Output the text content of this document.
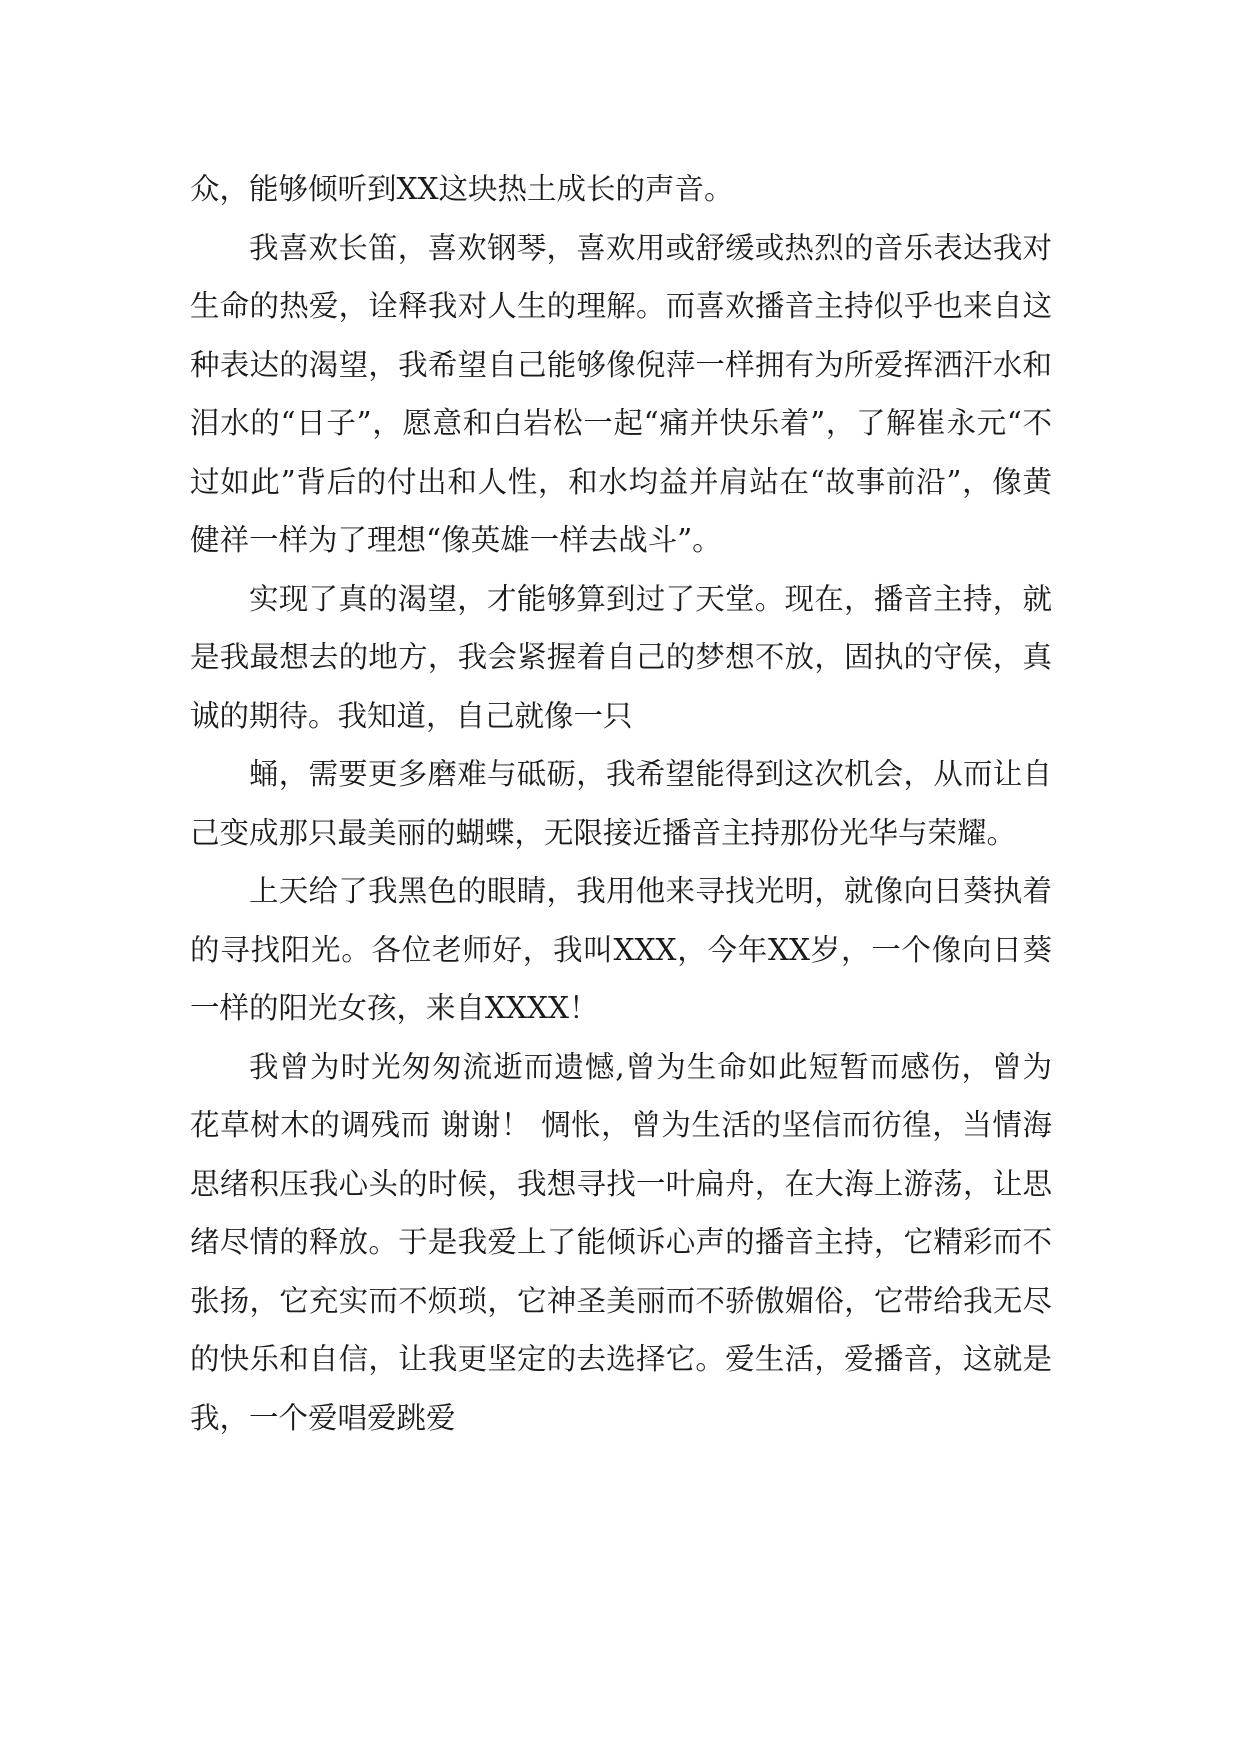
众，能够倾听到XX这块热土成长的声音。

我喜欢长笛，喜欢钢琴，喜欢用或舒缓或热烈的音乐表达我对生命的热爱，诠释我对人生的理解。而喜欢播音主持似乎也来自这种表达的渴望，我希望自己能够像倪萍一样拥有为所爱挥洒汗水和泪水的“日子”，愿意和白岩松一起“痛并快乐着”，了解崔永元“不过如此”背后的付出和人性，和水均益并肩站在“故事前沿”，像黄健祥一样为了理想“像英雄一样去战斗”。

实现了真的渴望，才能够算到过了天堂。现在，播音主持，就是我最想去的地方，我会紧握着自己的梦想不放，固执的守侯，真诚的期待。我知道，自己就像一只

蛹，需要更多磨难与砥砺，我希望能得到这次机会，从而让自己变成那只最美丽的蝴蝶，无限接近播音主持那份光华与荣耀。

上天给了我黑色的眼睛，我用他来寻找光明，就像向日葵执着的寻找阳光。各位老师好，我叫XXX，今年XX岁，一个像向日葵一样的阳光女孩，来自XXXX！

我曾为时光匆匆流逝而遗憾,曾为生命如此短暂而感伤，曾为花草树木的调残而 谢谢！ 惆怅，曾为生活的坚信而彷徨，当情海思绪积压我心头的时候，我想寻找一叶扁舟，在大海上游荡，让思绪尽情的释放。于是我爱上了能倾诉心声的播音主持，它精彩而不张扬，它充实而不烦琐，它神圣美丽而不骄傲媚俗，它带给我无尽的快乐和自信，让我更坚定的去选择它。爱生活，爱播音，这就是我，一个爱唱爱跳爱
